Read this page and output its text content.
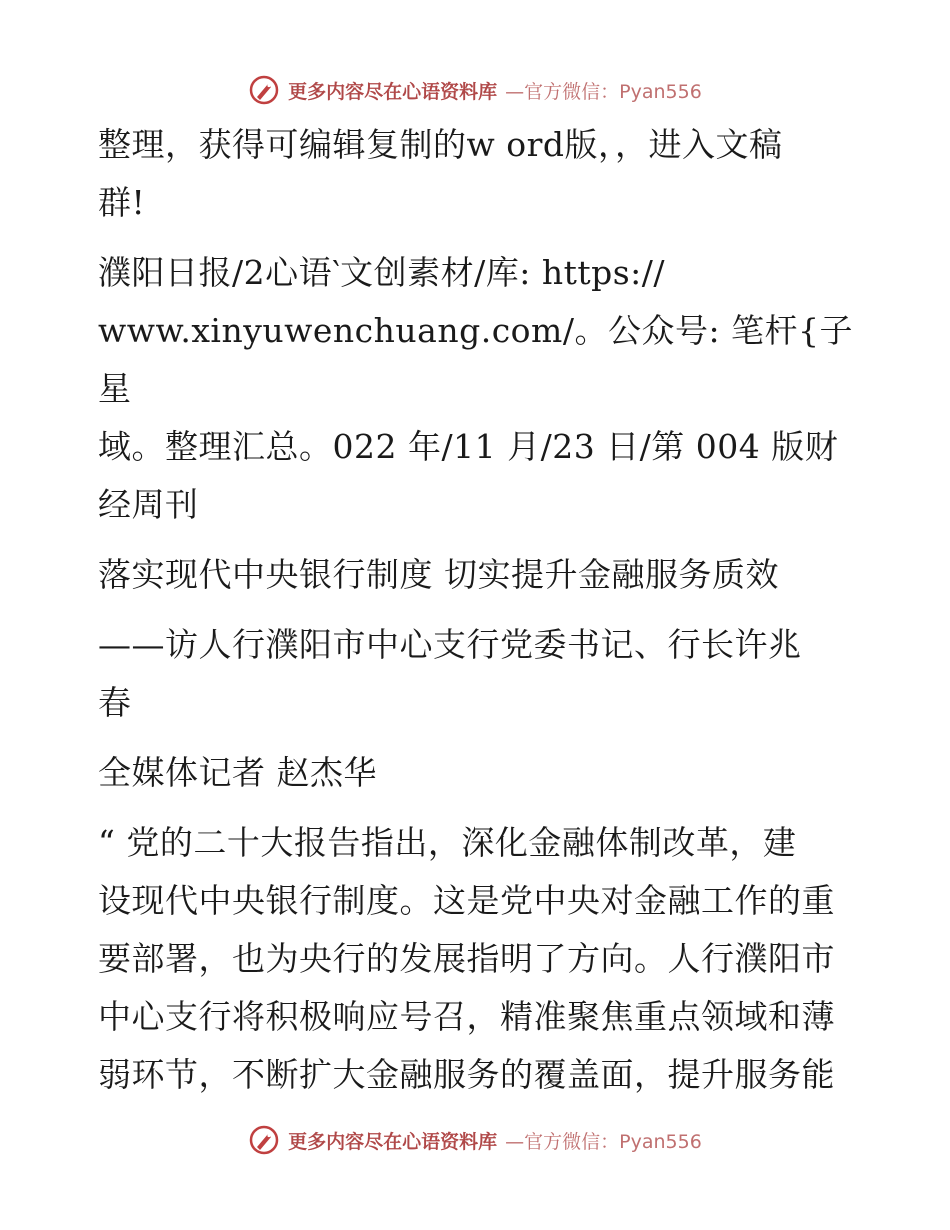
更多内容尽在心语资料库 —官方微信：Pyan556

整理，获得可编辑复制的w ord版，，进入文稿
群!

濮阳日报/2心语‵文创素材/库: https://
www.xinyuwenchuang.com/。公众号: 笔杆{子星
域。整理汇总。022 年/11 月/23 日/第 004 版财
经周刊

落实现代中央银行制度 切实提升金融服务质效

——访人行濮阳市中心支行党委书记、行长许兆
春

全媒体记者 赵杰华

“ 党的二十大报告指出，深化金融体制改革，建
设现代中央银行制度。这是党中央对金融工作的重
要部署，也为央行的发展指明了方向。人行濮阳市
中心支行将积极响应号召，精准聚焦重点领域和薄
弱环节，不断扩大金融服务的覆盖面，提升服务能

更多内容尽在心语资料库 —官方微信：Pyan556
